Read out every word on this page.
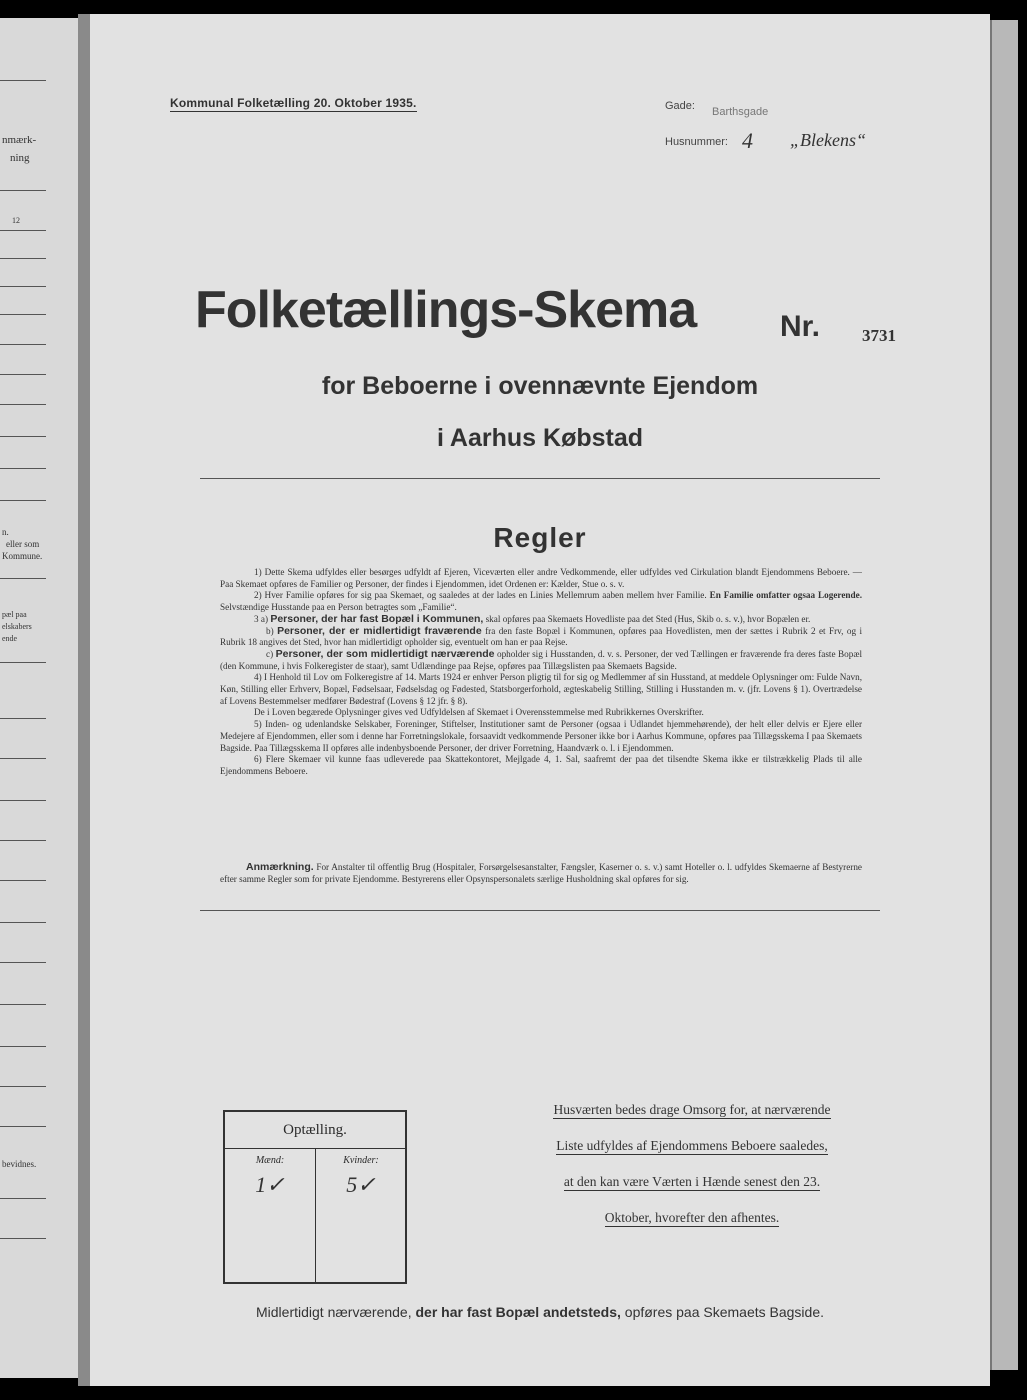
nmærk-
ning
12
n.
eller som
Kommune.
pæl paa
elskabers
ende
bevidnes.
Kommunal Folketælling 20. Oktober 1935.	Gade: Barthsgade
Husnummer: 4 „Blekens“
Folketællings-Skema	Nr. 3731
for Beboerne i ovennævnte Ejendom
i Aarhus Købstad
Regler

1) Dette Skema udfyldes eller besørges udfyldt af Ejeren, Viceværten eller andre Vedkommende, eller udfyldes ved Cirkulation blandt Ejendommens Beboere. — Paa Skemaet opføres de Familier og Personer, der findes i Ejendommen, idet Ordenen er: Kælder, Stue o. s. v.

2) Hver Familie opføres for sig paa Skemaet, og saaledes at der lades en Linies Mellemrum aaben mellem hver Familie. En Familie omfatter ogsaa Logerende. Selvstændige Husstande paa en Person betragtes som „Familie“.

3 a) Personer, der har fast Bopæl i Kommunen, skal opføres paa Skemaets Hovedliste paa det Sted (Hus, Skib o. s. v.), hvor Bopælen er.

b) Personer, der er midlertidigt fraværende fra den faste Bopæl i Kommunen, opføres paa Hovedlisten, men der sættes i Rubrik 2 et Frv, og i Rubrik 18 angives det Sted, hvor han midlertidigt opholder sig, eventuelt om han er paa Rejse.

c) Personer, der som midlertidigt nærværende opholder sig i Husstanden, d. v. s. Personer, der ved Tællingen er fraværende fra deres faste Bopæl (den Kommune, i hvis Folkeregister de staar), samt Udlændinge paa Rejse, opføres paa Tillægslisten paa Skemaets Bagside.

4) I Henhold til Lov om Folkeregistre af 14. Marts 1924 er enhver Person pligtig til for sig og Medlemmer af sin Husstand, at meddele Oplysninger om: Fulde Navn, Køn, Stilling eller Erhverv, Bopæl, Fødselsaar, Fødselsdag og Fødested, Statsborgerforhold, ægteskabelig Stilling, Stilling i Husstanden m. v. (jfr. Lovens § 1). Overtrædelse af Lovens Bestemmelser medfører Bødestraf (Lovens § 12 jfr. § 8).

De i Loven begærede Oplysninger gives ved Udfyldelsen af Skemaet i Overensstemmelse med Rubrikkernes Overskrifter.

5) Inden- og udenlandske Selskaber, Foreninger, Stiftelser, Institutioner samt de Personer (ogsaa i Udlandet hjemmehørende), der helt eller delvis er Ejere eller Medejere af Ejendommen, eller som i denne har Forretningslokale, forsaavidt vedkommende Personer ikke bor i Aarhus Kommune, opføres paa Tillægsskema I paa Skemaets Bagside. Paa Tillægsskema II opføres alle indenbysboende Personer, der driver Forretning, Haandværk o. l. i Ejendommen.

6) Flere Skemaer vil kunne faas udleverede paa Skattekontoret, Mejlgade 4, 1. Sal, saafremt der paa det tilsendte Skema ikke er tilstrækkelig Plads til alle Ejendommens Beboere.

Anmærkning. For Anstalter til offentlig Brug (Hospitaler, Forsørgelsesanstalter, Fængsler, Kaserner o. s. v.) samt Hoteller o. l. udfyldes Skemaerne af Bestyrerne efter samme Regler som for private Ejendomme. Bestyrerens eller Opsynspersonalets særlige Husholdning skal opføres for sig.
Optælling.
Mænd:
1✓
Kvinder:
5✓
Husværten bedes drage Omsorg for, at nærværende
Liste udfyldes af Ejendommens Beboere saaledes,
at den kan være Værten i Hænde senest den 23.
Oktober, hvorefter den afhentes.
Midlertidigt nærværende, der har fast Bopæl andetsteds, opføres paa Skemaets Bagside.
